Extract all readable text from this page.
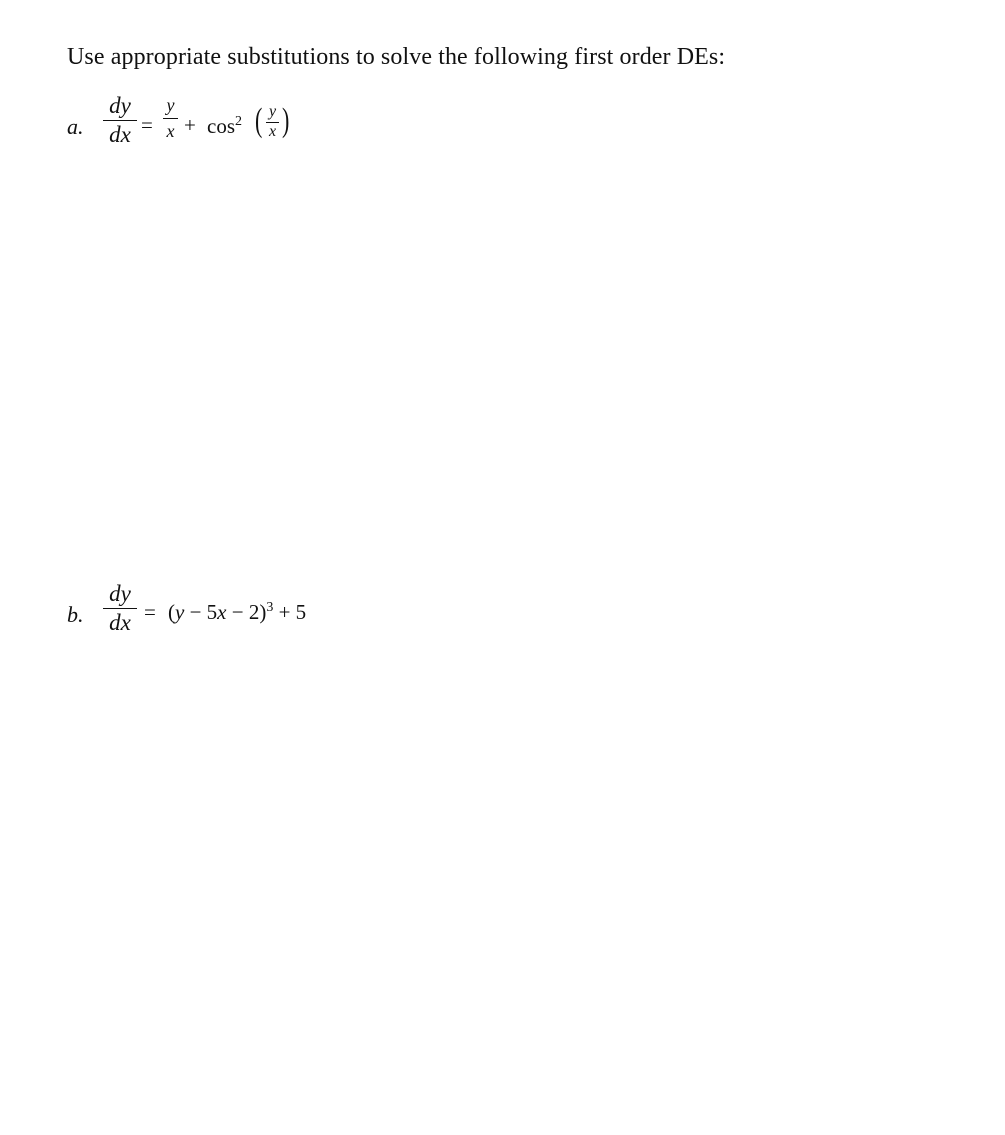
Use appropriate substitutions to solve the following first order DEs:
a.
dy
dx =
y
$x + \cos^2$ ( y
x )
b.
dy
dx = $(y - 5x - 2)^3 + 5$
